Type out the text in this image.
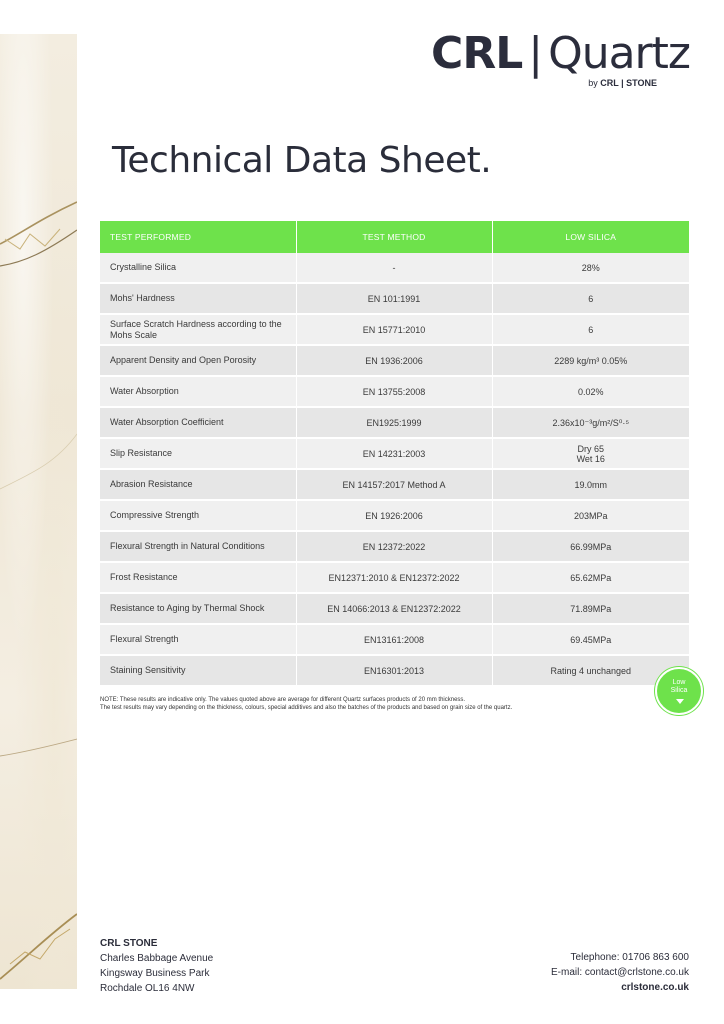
CRL | Quartz
by CRL | STONE
Technical Data Sheet.
TEST PERFORMED	TEST METHOD	LOW SILICA
Crystalline Silica	-	28%
Mohs' Hardness	EN 101:1991	6
Surface Scratch Hardness according to the Mohs Scale	EN 15771:2010	6
Apparent Density and Open Porosity	EN 1936:2006	2289 kg/m³ 0.05%
Water Absorption	EN 13755:2008	0.02%
Water Absorption Coefficient	EN1925:1999	2.36x10⁻³g/m²/S⁰·⁵
Slip Resistance	EN 14231:2003	Dry 65
Wet 16
Abrasion Resistance	EN 14157:2017 Method A	19.0mm
Compressive Strength	EN 1926:2006	203MPa
Flexural Strength in Natural Conditions	EN 12372:2022	66.99MPa
Frost Resistance	EN12371:2010 & EN12372:2022	65.62MPa
Resistance to Aging by Thermal Shock	EN 14066:2013 & EN12372:2022	71.89MPa
Flexural Strength	EN13161:2008	69.45MPa
Staining Sensitivity	EN16301:2013	Rating 4 unchanged
NOTE: These results are indicative only. The values quoted above are average for different Quartz surfaces products of 20 mm thickness.
The test results may vary depending on the thickness, colours, special additives and also the batches of the products and based on grain size of the quartz.
Low
Silica
CRL STONE
Charles Babbage Avenue
Kingsway Business Park
Rochdale OL16 4NW
Telephone: 01706 863 600
E-mail: contact@crlstone.co.uk
crlstone.co.uk
